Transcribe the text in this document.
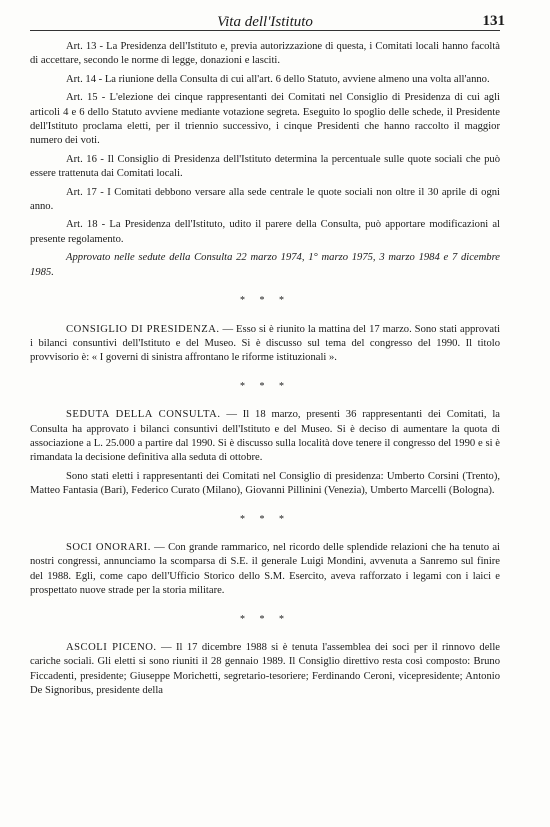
Vita dell'Istituto	131

Art. 13 - La Presidenza dell'Istituto e, previa autorizzazione di questa, i Comitati locali hanno facoltà di accettare, secondo le norme di legge, donazioni e lasciti.

Art. 14 - La riunione della Consulta di cui all'art. 6 dello Statuto, avviene almeno una volta all'anno.

Art. 15 - L'elezione dei cinque rappresentanti dei Comitati nel Consiglio di Presidenza di cui agli articoli 4 e 6 dello Statuto avviene mediante votazione segreta. Eseguito lo spoglio delle schede, il Presidente dell'Istituto proclama eletti, per il triennio successivo, i cinque Presidenti che hanno raccolto il maggior numero dei voti.

Art. 16 - Il Consiglio di Presidenza dell'Istituto determina la percentuale sulle quote sociali che può essere trattenuta dai Comitati locali.

Art. 17 - I Comitati debbono versare alla sede centrale le quote sociali non oltre il 30 aprile di ogni anno.

Art. 18 - La Presidenza dell'Istituto, udito il parere della Consulta, può apportare modificazioni al presente regolamento.

Approvato nelle sedute della Consulta 22 marzo 1974, 1° marzo 1975, 3 marzo 1984 e 7 dicembre 1985.

* * *

CONSIGLIO DI PRESIDENZA. — Esso si è riunito la mattina del 17 marzo. Sono stati approvati i bilanci consuntivi dell'Istituto e del Museo. Si è discusso sul tema del congresso del 1990. Il titolo provvisorio è: « I governi di sinistra affrontano le riforme istituzionali ».

* * *

SEDUTA DELLA CONSULTA. — Il 18 marzo, presenti 36 rappresentanti dei Comitati, la Consulta ha approvato i bilanci consuntivi dell'Istituto e del Museo. Si è deciso di aumentare la quota di associazione a L. 25.000 a partire dal 1990. Si è discusso sulla località dove tenere il congresso del 1990 e si è rimandata la decisione definitiva alla seduta di ottobre.

Sono stati eletti i rappresentanti dei Comitati nel Consiglio di presidenza: Umberto Corsini (Trento), Matteo Fantasia (Bari), Federico Curato (Milano), Giovanni Pillinini (Venezia), Umberto Marcelli (Bologna).

* * *

SOCI ONORARI. — Con grande rammarico, nel ricordo delle splendide relazioni che ha tenuto ai nostri congressi, annunciamo la scomparsa di S.E. il generale Luigi Mondini, avvenuta a Sanremo sul finire del 1988. Egli, come capo dell'Ufficio Storico dello S.M. Esercito, aveva rafforzato i legami con i laici e prospettato nuove strade per la storia militare.

* * *

ASCOLI PICENO. — Il 17 dicembre 1988 si è tenuta l'assemblea dei soci per il rinnovo delle cariche sociali. Gli eletti si sono riuniti il 28 gennaio 1989. Il Consiglio direttivo resta così composto: Bruno Ficcadenti, presidente; Giuseppe Morichetti, segretario-tesoriere; Ferdinando Ceroni, vicepresidente; Antonio De Signoribus, presidente della
